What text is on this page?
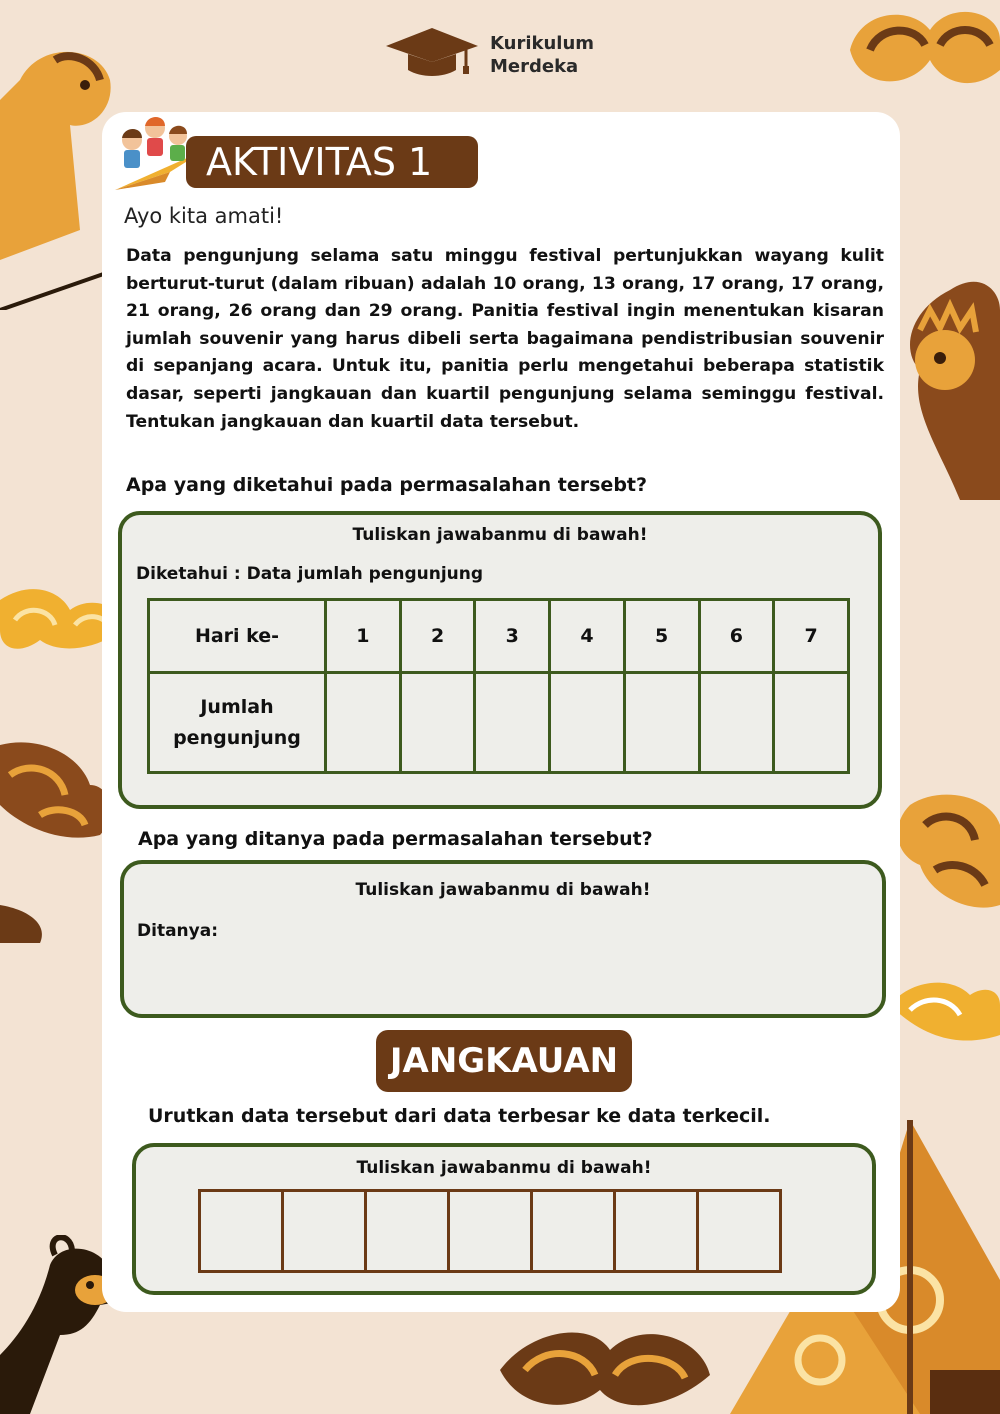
Kurikulum
Merdeka
AKTIVITAS 1
Ayo kita amati!
Data pengunjung selama satu minggu festival pertunjukkan wayang kulit berturut-turut (dalam ribuan) adalah 10 orang, 13 orang, 17 orang, 17 orang, 21 orang, 26 orang dan 29 orang. Panitia festival ingin menentukan kisaran jumlah souvenir yang harus dibeli serta bagaimana pendistribusian souvenir di sepanjang acara. Untuk itu, panitia perlu mengetahui beberapa statistik dasar, seperti jangkauan dan kuartil pengunjung selama seminggu festival. Tentukan jangkauan dan kuartil data tersebut.
Apa yang diketahui pada permasalahan tersebt?
Tuliskan jawabanmu di bawah!
Diketahui : Data jumlah pengunjung
Hari ke-	1	2	3	4	5	6	7
Jumlah pengunjung							
Apa yang ditanya pada permasalahan tersebut?
Tuliskan jawabanmu di bawah!
Ditanya:
JANGKAUAN
Urutkan data tersebut dari data terbesar ke data terkecil.
Tuliskan jawabanmu di bawah!
